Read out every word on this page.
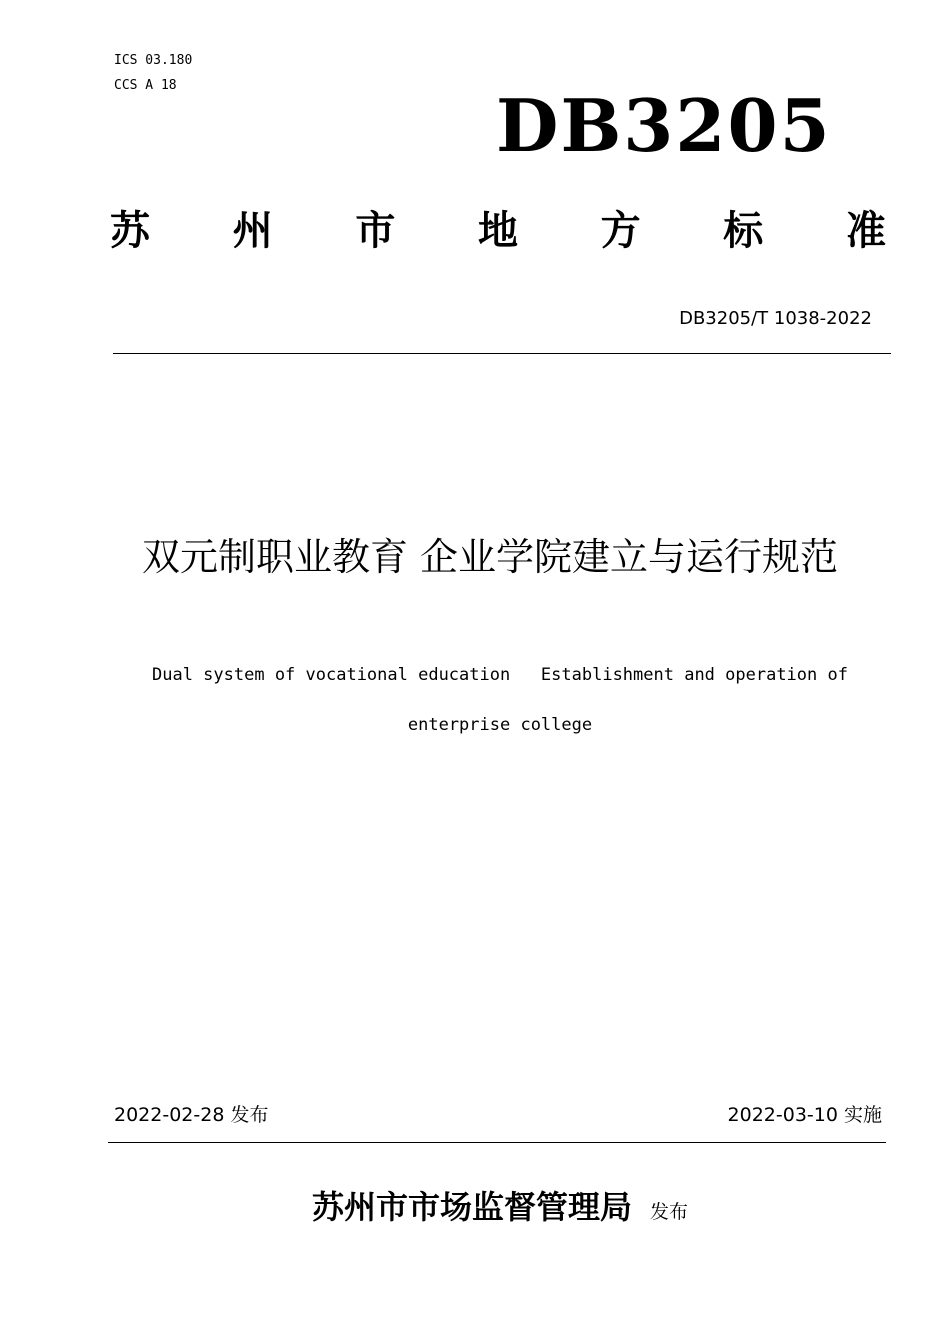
ICS 03.180
CCS A 18	DB3205
苏 州 市 地 方 标 准
DB3205/T 1038-2022
双元制职业教育 企业学院建立与运行规范
Dual system of vocational education   Establishment and operation of
enterprise college
2022-02-28 发布	2022-03-10 实施
苏州市市场监督管理局 发布
